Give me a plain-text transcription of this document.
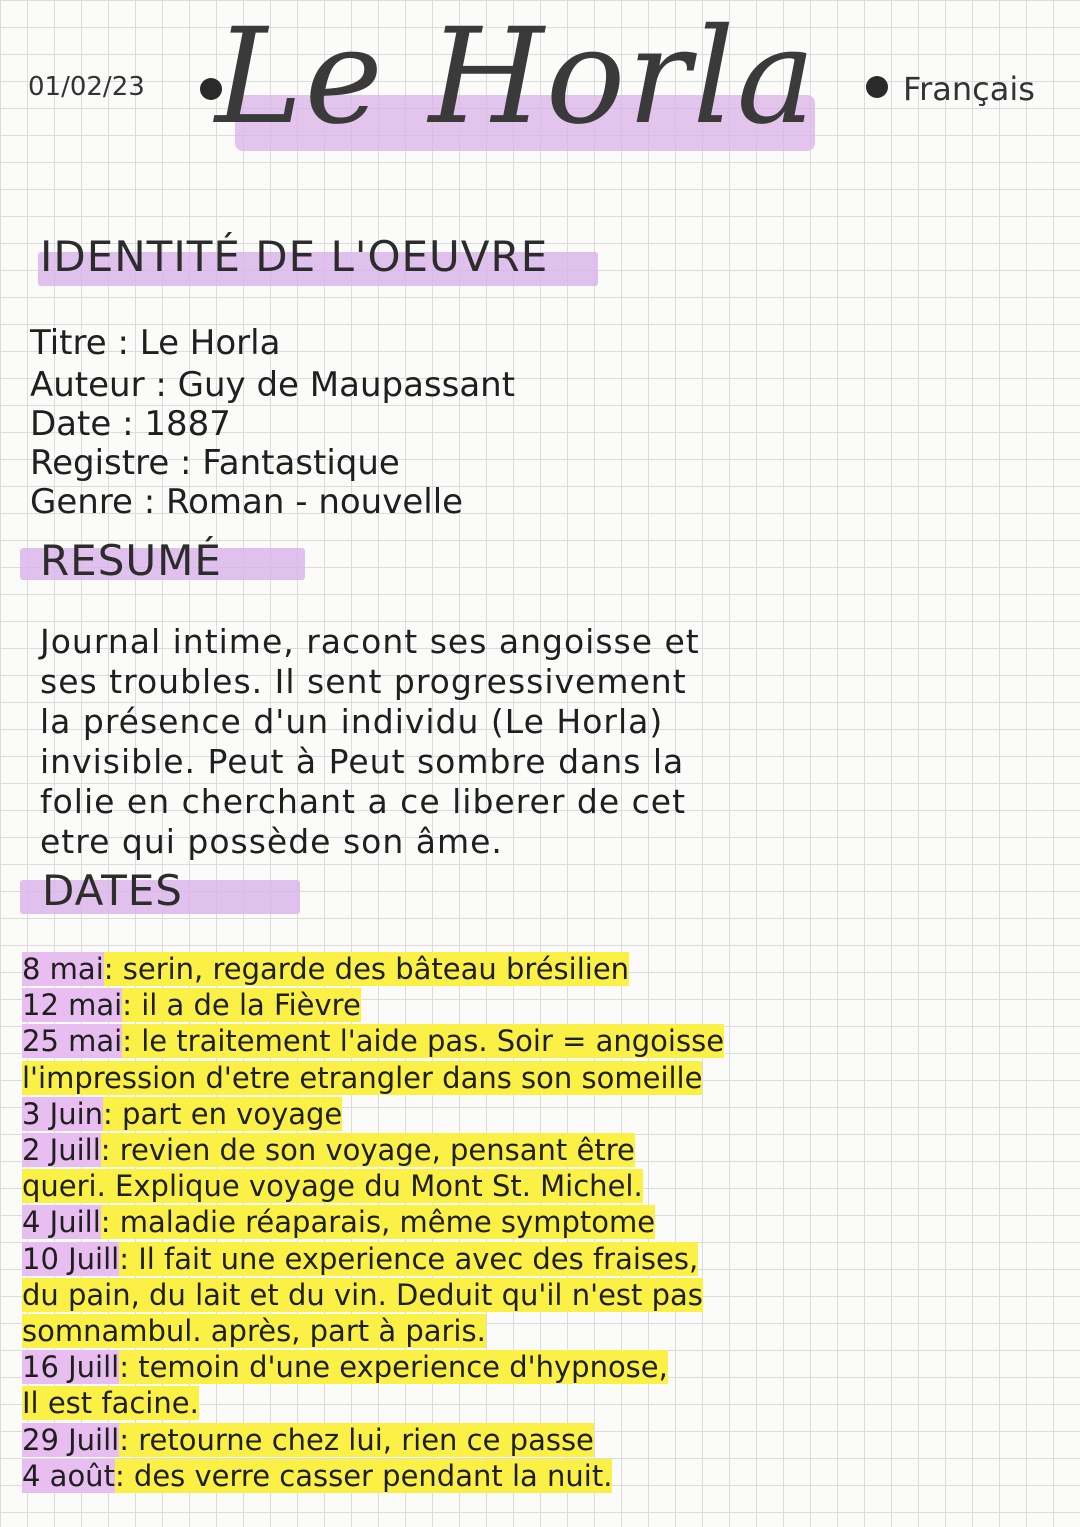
01/02/23 Le Horla	Français
IDENTITÉ DE L'OEUVRE
Titre : Le Horla
Auteur : Guy de Maupassant
Date : 1887
Registre : Fantastique
Genre : Roman - nouvelle
RESUMÉ
Journal intime, racont ses angoisse et
ses troubles. Il sent progressivement
la présence d'un individu (Le Horla)
invisible. Peut à Peut sombre dans la
folie en cherchant a ce liberer de cet
etre qui possède son âme.
DATES
8 mai: serin, regarde des bâteau brésilien
12 mai: il a de la Fièvre
25 mai: le traitement l'aide pas. Soir = angoisse
l'impression d'etre etrangler dans son someille
3 Juin: part en voyage
2 Juill: revien de son voyage, pensant être
queri. Explique voyage du Mont St. Michel.
4 Juill: maladie réaparais, même symptome
10 Juill: Il fait une experience avec des fraises,
du pain, du lait et du vin. Deduit qu'il n'est pas
somnambul. après, part à paris.
16 Juill: temoin d'une experience d'hypnose,
Il est facine.
29 Juill: retourne chez lui, rien ce passe
4 août: des verre casser pendant la nuit.
